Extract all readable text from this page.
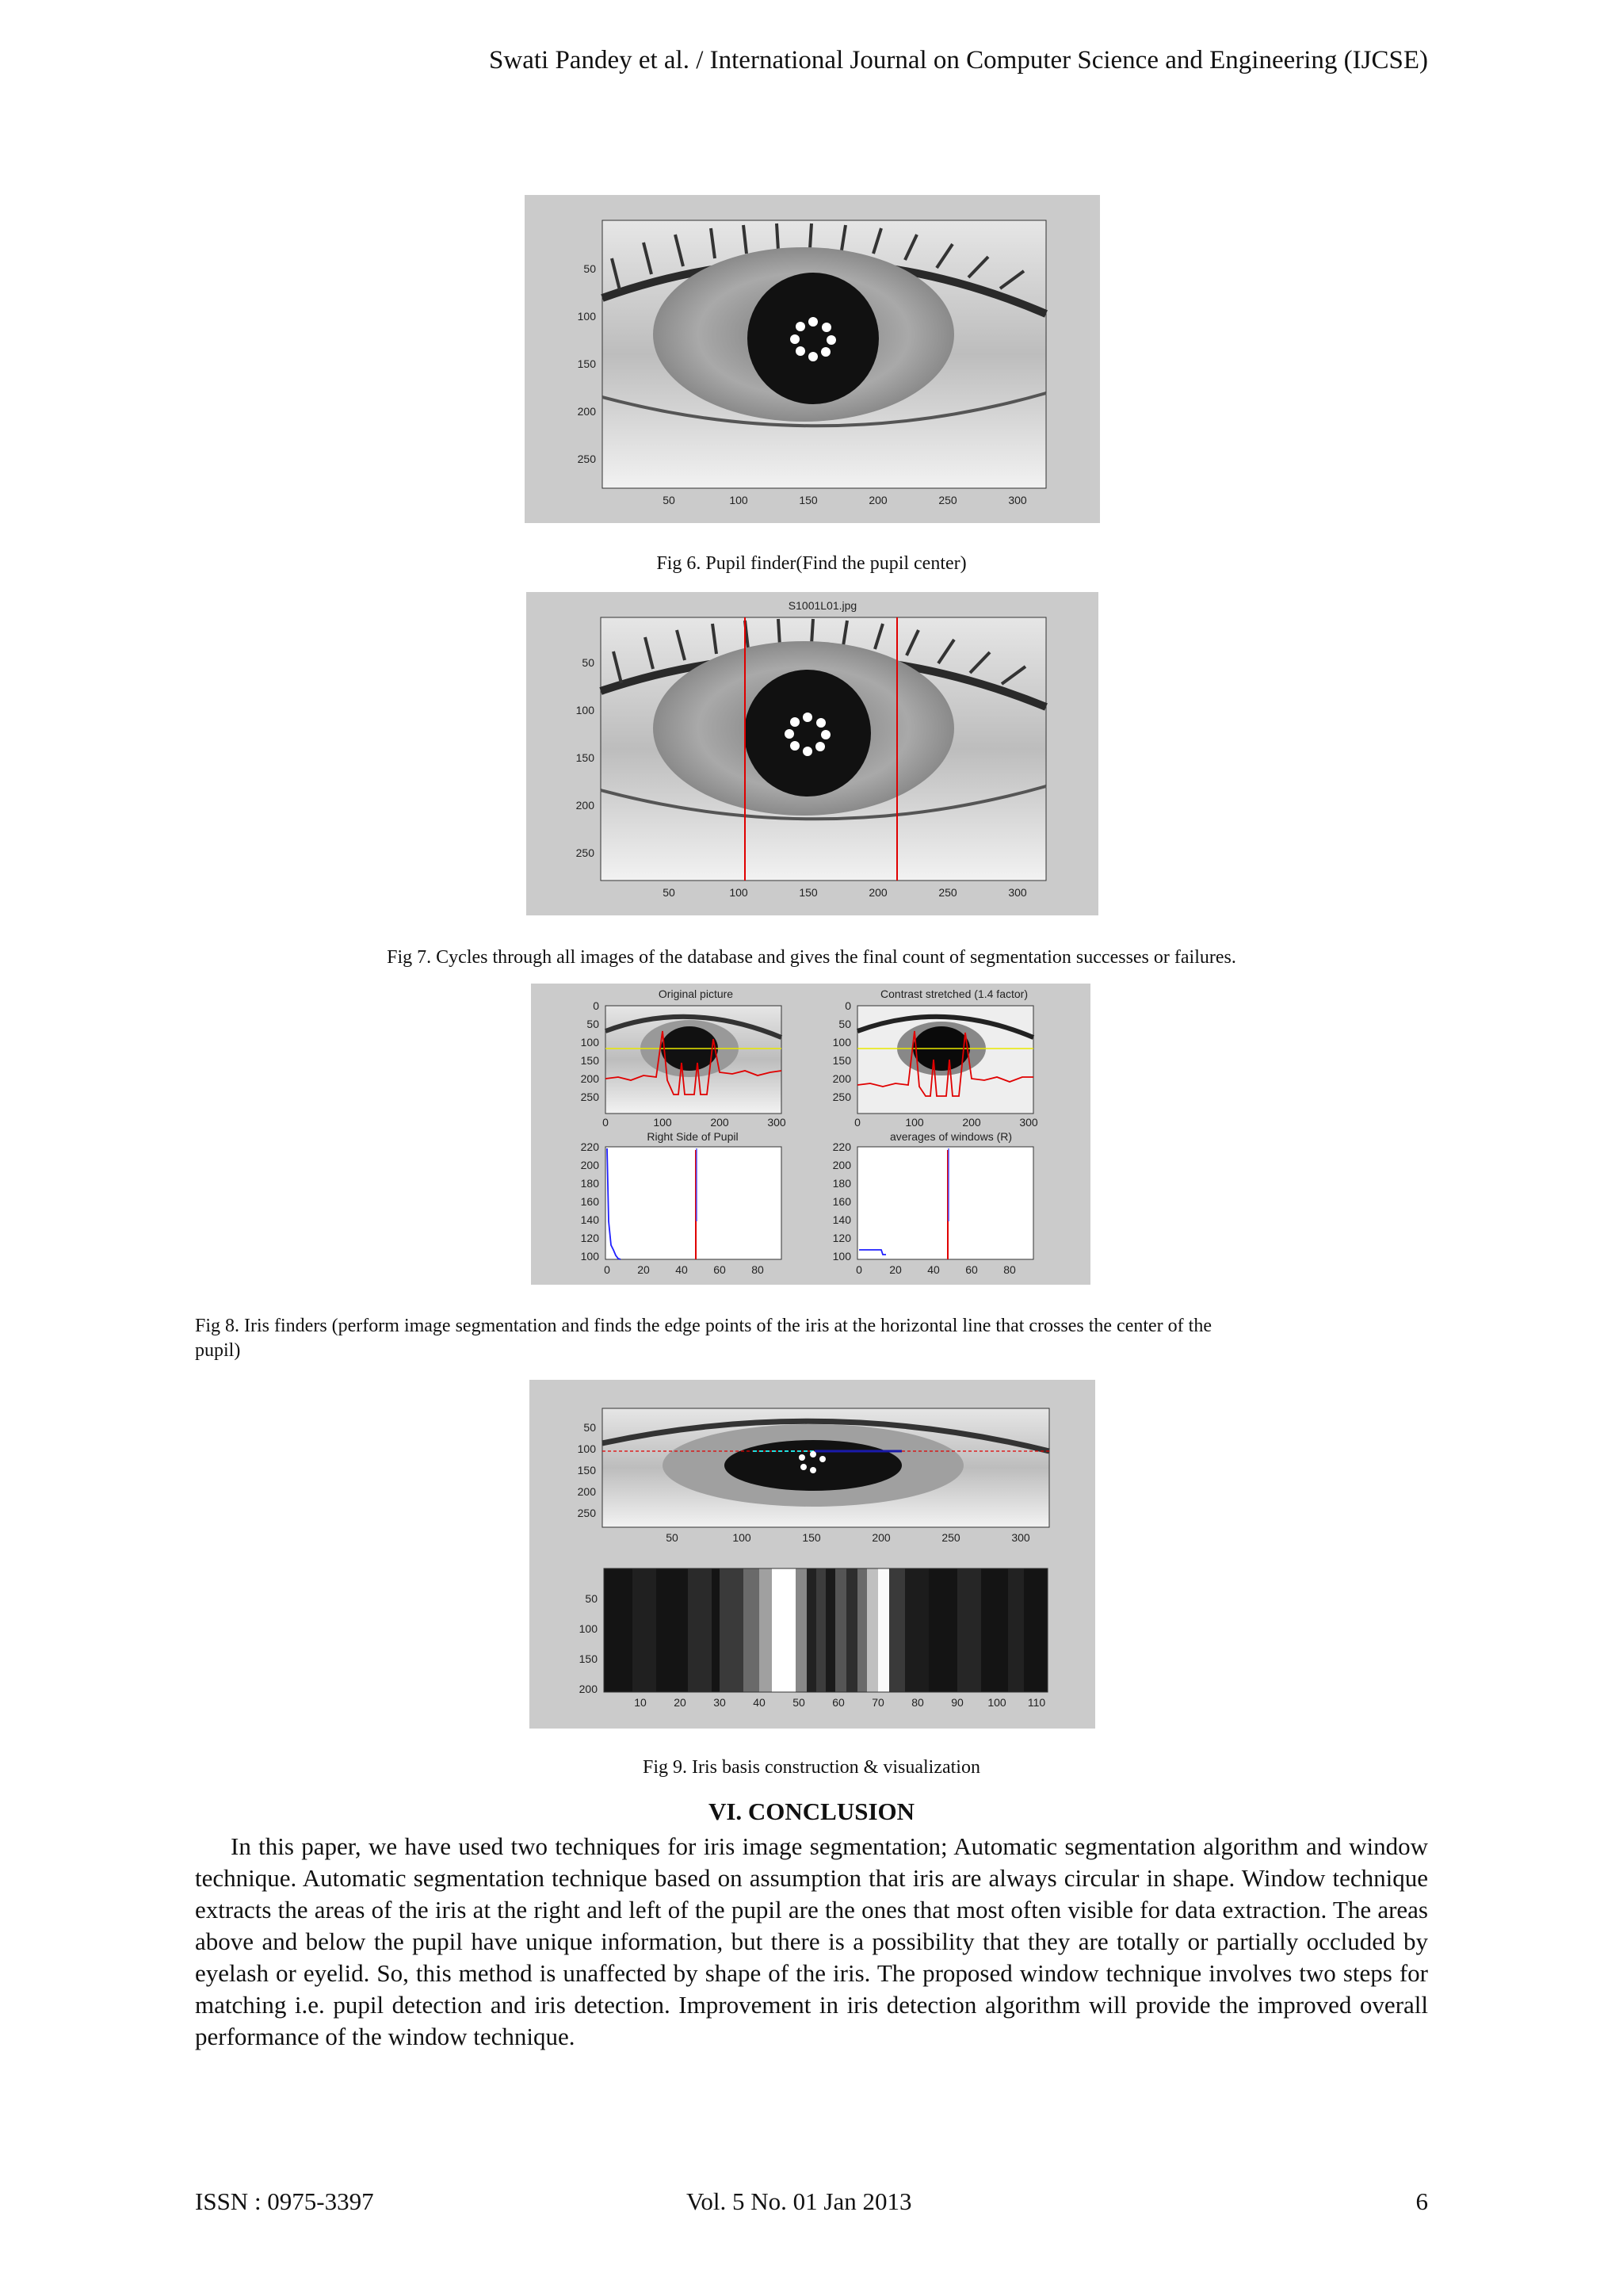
Swati Pandey et al. / International Journal on Computer Science and Engineering (IJCSE)
50
100
150
200
250
50	100	150	200	250	300
Fig 6. Pupil finder(Find the pupil center)
S1001L01.jpg
50
100
150
200
250
50	100	150	200	250	300
Fig 7. Cycles through all images of the database and gives the final count of segmentation successes or failures.
Original picture
0
50
100
150
200
250
0	100	200	300
Contrast stretched (1.4 factor)
0
50
100
150
200
250
0	100	200	300
Right Side of Pupil
220
200
180
160
140
120
100
0 20 40 60 80
averages of windows (R)
220
200
180
160
140
120
100
0 20 40 60 80
Fig 8. Iris finders (perform image segmentation and finds the edge points of the iris at the horizontal line that crosses the center of the
pupil)
50
100
150
200
250
50	100	150	200	250	300
50
100
150
200
10 20 30 40 50 60 70 80 90 100 110
Fig 9. Iris basis construction & visualization
VI. CONCLUSION

In this paper, we have used two techniques for iris image segmentation; Automatic segmentation algorithm and window technique. Automatic segmentation technique based on assumption that iris are always circular in shape. Window technique extracts the areas of the iris at the right and left of the pupil are the ones that most often visible for data extraction. The areas above and below the pupil have unique information, but there is a possibility that they are totally or partially occluded by eyelash or eyelid. So, this method is unaffected by shape of the iris. The proposed window technique involves two steps for matching i.e. pupil detection and iris detection. Improvement in iris detection algorithm will provide the improved overall performance of the window technique.

ISSN : 0975-3397	Vol. 5 No. 01 Jan 2013	6
